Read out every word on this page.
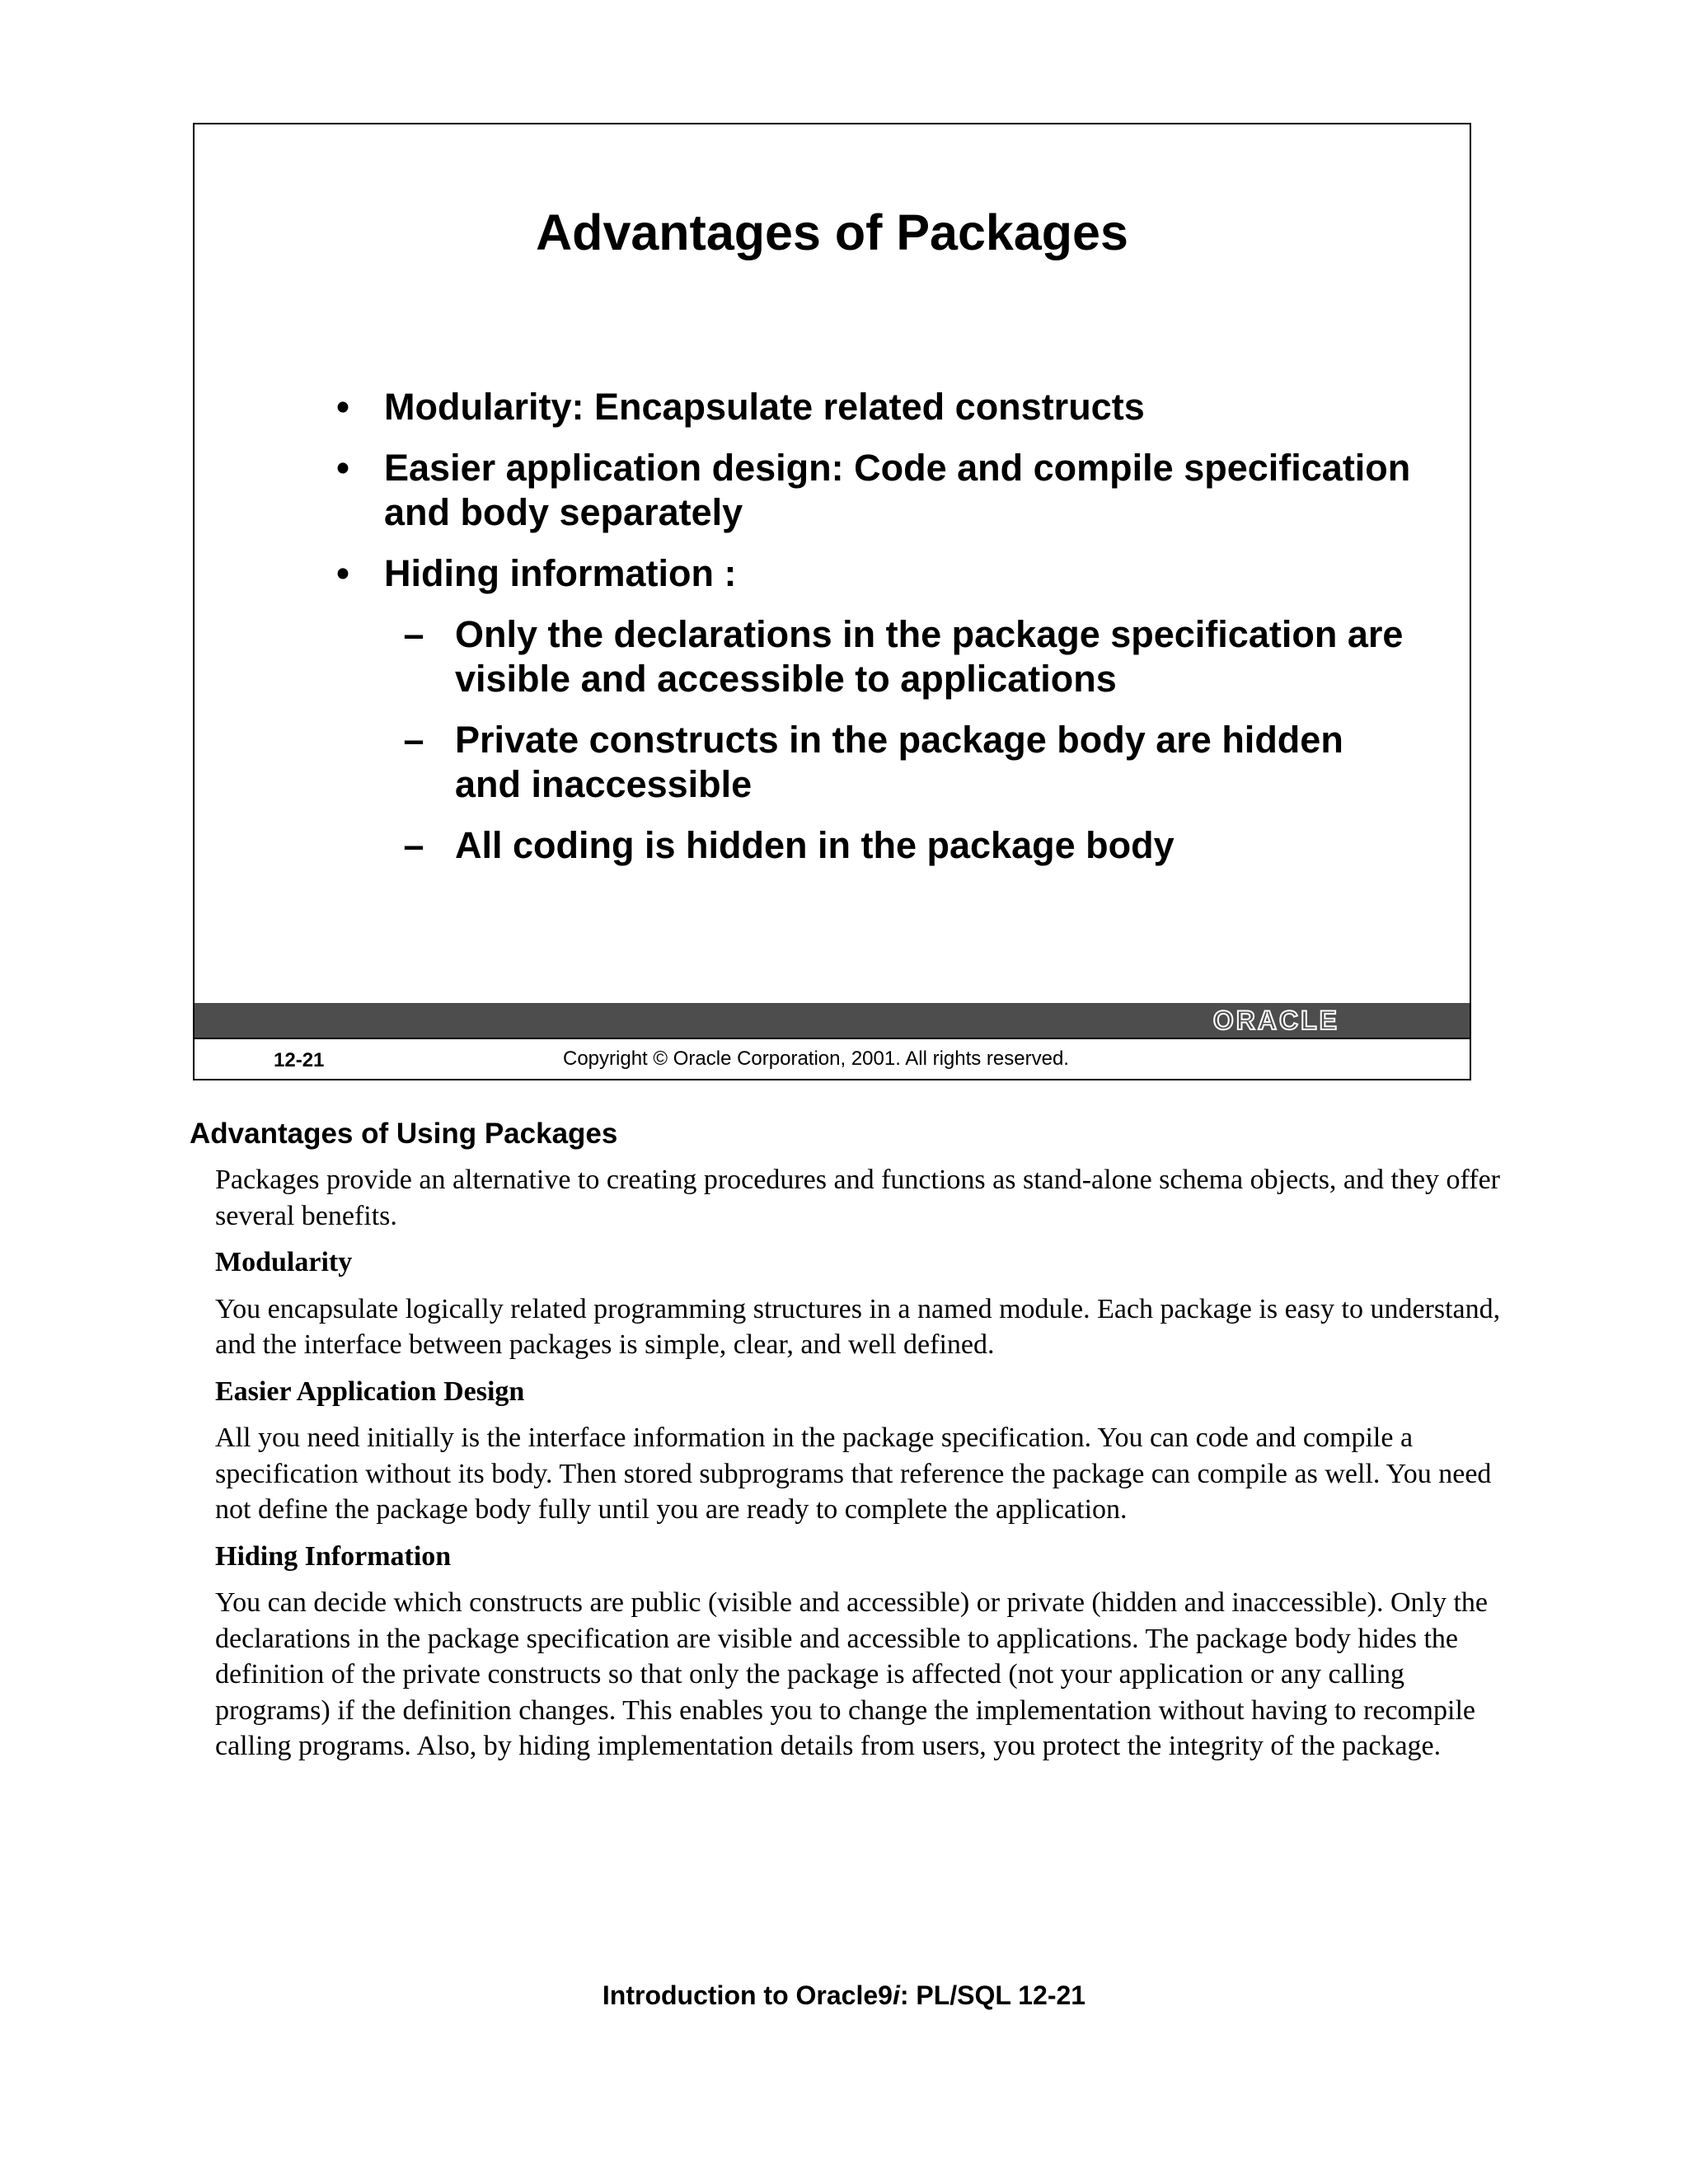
Advantages of Packages
• Modularity: Encapsulate related constructs
• Easier application design: Code and compile specification and body separately
• Hiding information :
– Only the declarations in the package specification are visible and accessible to applications
– Private constructs in the package body are hidden and inaccessible
– All coding is hidden in the package body
ORACLE
12-21	Copyright © Oracle Corporation, 2001. All rights reserved.
Advantages of Using Packages

Packages provide an alternative to creating procedures and functions as stand-alone schema objects, and they offer several benefits.

Modularity

You encapsulate logically related programming structures in a named module. Each package is easy to understand, and the interface between packages is simple, clear, and well defined.

Easier Application Design

All you need initially is the interface information in the package specification. You can code and compile a specification without its body. Then stored subprograms that reference the package can compile as well. You need not define the package body fully until you are ready to complete the application.

Hiding Information

You can decide which constructs are public (visible and accessible) or private (hidden and inaccessible). Only the declarations in the package specification are visible and accessible to applications. The package body hides the definition of the private constructs so that only the package is affected (not your application or any calling programs) if the definition changes. This enables you to change the implementation without having to recompile calling programs. Also, by hiding implementation details from users, you protect the integrity of the package.

Introduction to Oracle9i: PL/SQL 12-21
